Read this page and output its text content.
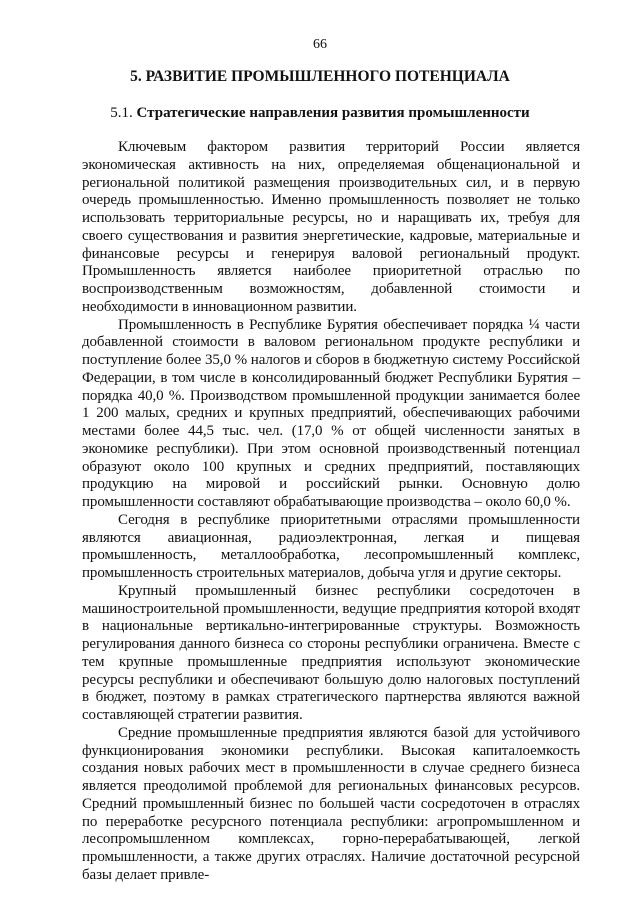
66
5. РАЗВИТИЕ ПРОМЫШЛЕННОГО ПОТЕНЦИАЛА
5.1. Стратегические направления развития промышленности

Ключевым фактором развития территорий России является экономическая активность на них, определяемая общенациональной и региональной политикой размещения производительных сил, и в первую очередь промышленностью. Именно промышленность позволяет не только использовать территориальные ресурсы, но и наращивать их, требуя для своего существования и развития энергетические, кадровые, материальные и финансовые ресурсы и генерируя валовой региональный продукт. Промышленность является наиболее приоритетной отраслью по воспроизводственным возможностям, добавленной стоимости и необходимости в инновационном развитии.

Промышленность в Республике Бурятия обеспечивает порядка ¼ части добавленной стоимости в валовом региональном продукте республики и поступление более 35,0 % налогов и сборов в бюджетную систему Российской Федерации, в том числе в консолидированный бюджет Республики Бурятия – порядка 40,0 %. Производством промышленной продукции занимается более 1 200 малых, средних и крупных предприятий, обеспечивающих рабочими местами более 44,5 тыс. чел. (17,0 % от общей численности занятых в экономике республики). При этом основной производственный потенциал образуют около 100 крупных и средних предприятий, поставляющих продукцию на мировой и российский рынки. Основную долю промышленности составляют обрабатывающие производства – около 60,0 %.

Сегодня в республике приоритетными отраслями промышленности являются авиационная, радиоэлектронная, легкая и пищевая промышленность, металлообработка, лесопромышленный комплекс, промышленность строительных материалов, добыча угля и другие секторы.

Крупный промышленный бизнес республики сосредоточен в машиностроительной промышленности, ведущие предприятия которой входят в национальные вертикально-интегрированные структуры. Возможность регулирования данного бизнеса со стороны республики ограничена. Вместе с тем крупные промышленные предприятия используют экономические ресурсы республики и обеспечивают большую долю налоговых поступлений в бюджет, поэтому в рамках стратегического партнерства являются важной составляющей стратегии развития.

Средние промышленные предприятия являются базой для устойчивого функционирования экономики республики. Высокая капиталоемкость создания новых рабочих мест в промышленности в случае среднего бизнеса является преодолимой проблемой для региональных финансовых ресурсов. Средний промышленный бизнес по большей части сосредоточен в отраслях по переработке ресурсного потенциала республики: агропромышленном и лесопромышленном комплексах, горно-перерабатывающей, легкой промышленности, а также других отраслях. Наличие достаточной ресурсной базы делает привле-
